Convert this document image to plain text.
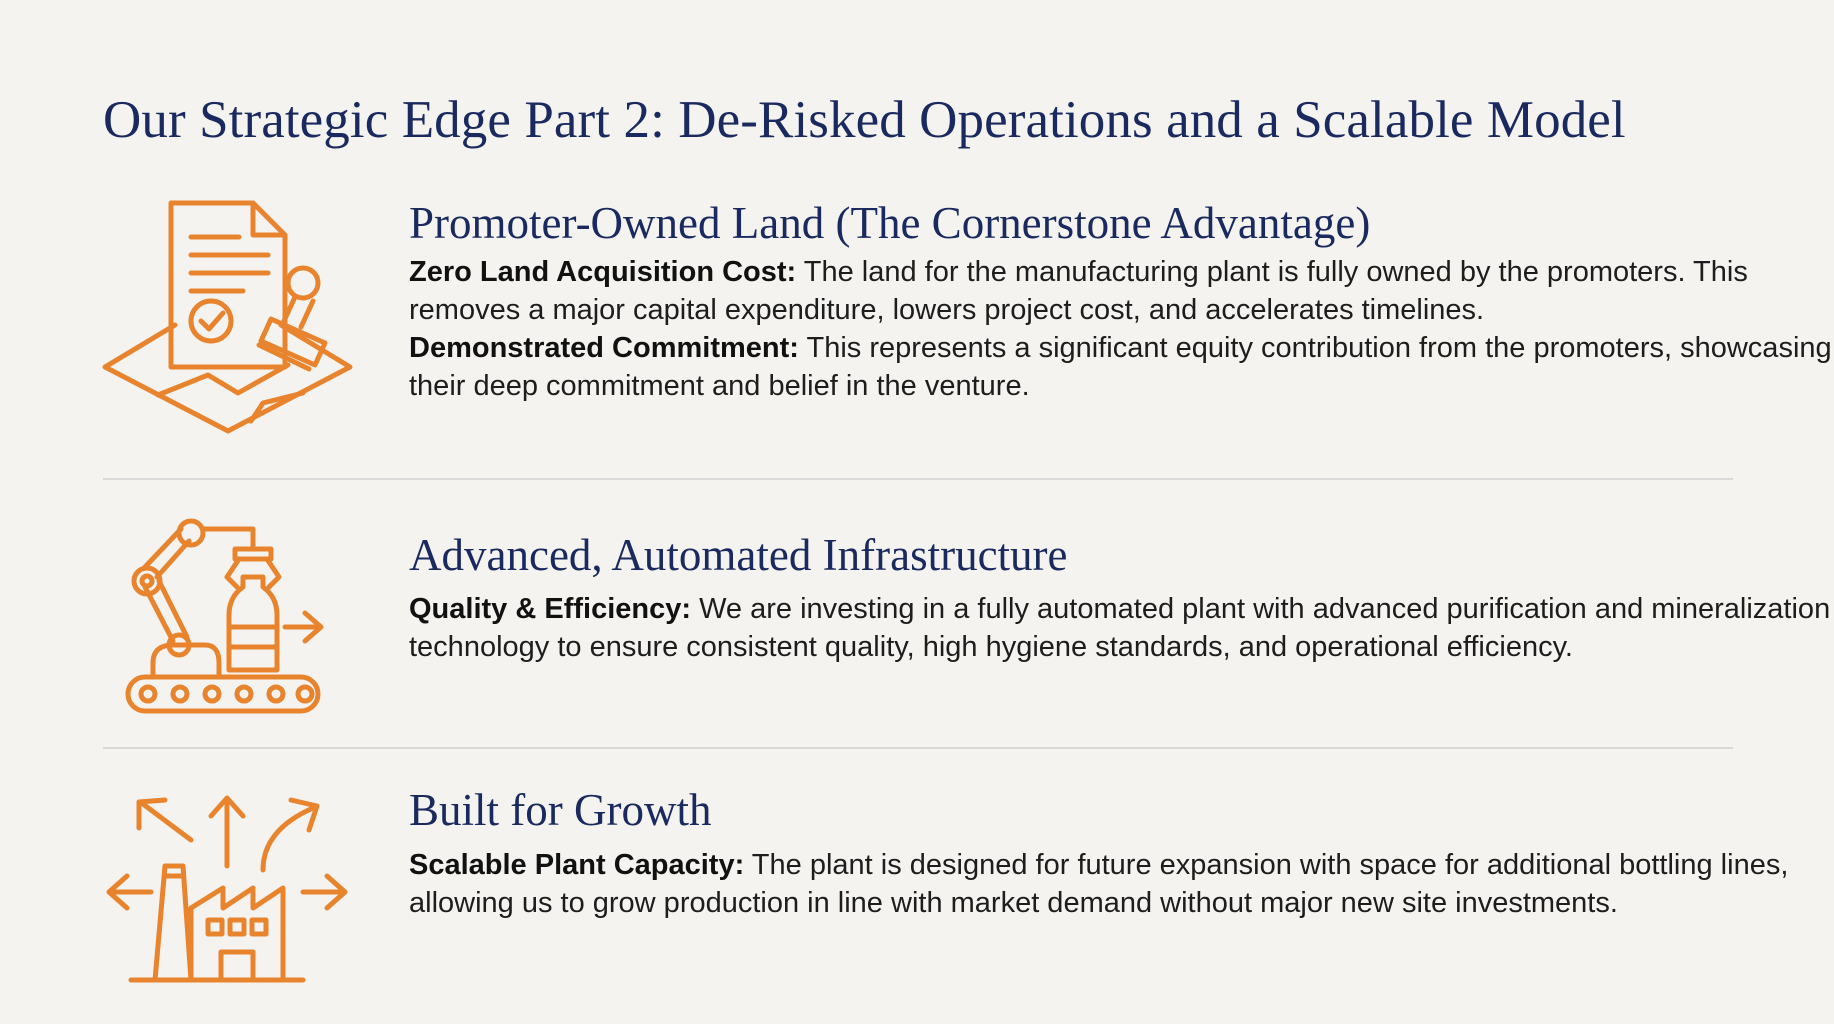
Our Strategic Edge Part 2: De-Risked Operations and a Scalable Model
Promoter-Owned Land (The Cornerstone Advantage)

Zero Land Acquisition Cost: The land for the manufacturing plant is fully owned by the promoters. This removes a major capital expenditure, lowers project cost, and accelerates timelines.

Demonstrated Commitment: This represents a significant equity contribution from the promoters, showcasing their deep commitment and belief in the venture.

Advanced, Automated Infrastructure

Quality & Efficiency: We are investing in a fully automated plant with advanced purification and mineralization technology to ensure consistent quality, high hygiene standards, and operational efficiency.

Built for Growth

Scalable Plant Capacity: The plant is designed for future expansion with space for additional bottling lines, allowing us to grow production in line with market demand without major new site investments.
